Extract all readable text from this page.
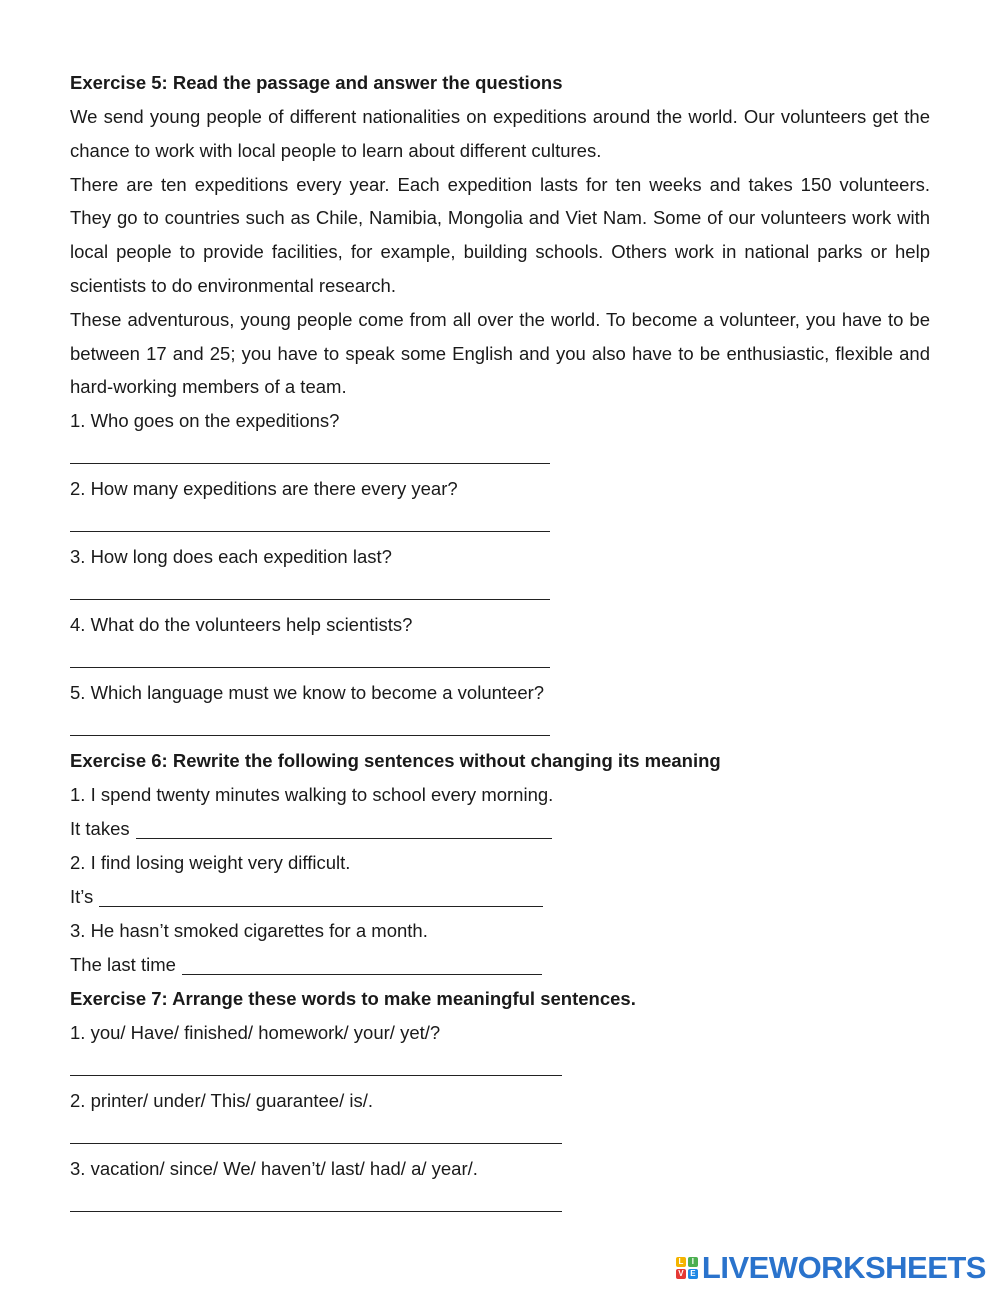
Exercise 5: Read the passage and answer the questions
We send young people of different nationalities on expeditions around the world. Our volunteers get the chance to work with local people to learn about different cultures.
There are ten expeditions every year. Each expedition lasts for ten weeks and takes 150 volunteers. They go to countries such as Chile, Namibia, Mongolia and Viet Nam. Some of our volunteers work with local people to provide facilities, for example, building schools. Others work in national parks or help scientists to do environmental research.
These adventurous, young people come from all over the world. To become a volunteer, you have to be between 17 and 25; you have to speak some English and you also have to be enthusiastic, flexible and hard-working members of a team.
1. Who goes on the expeditions?
2. How many expeditions are there every year?
3. How long does each expedition last?
4. What do the volunteers help scientists?
5. Which language must we know to become a volunteer?
Exercise 6: Rewrite the following sentences without changing its meaning
1. I spend twenty minutes walking to school every morning.
It takes
2. I find losing weight very difficult.
It’s
3. He hasn’t smoked cigarettes for a month.
The last time
Exercise 7: Arrange these words to make meaningful sentences.
1. you/ Have/ finished/ homework/ your/ yet/?
2. printer/ under/ This/ guarantee/ is/.
3. vacation/ since/ We/ haven’t/ last/ had/ a/ year/.
L	I
V E LIVEWORKSHEETS
